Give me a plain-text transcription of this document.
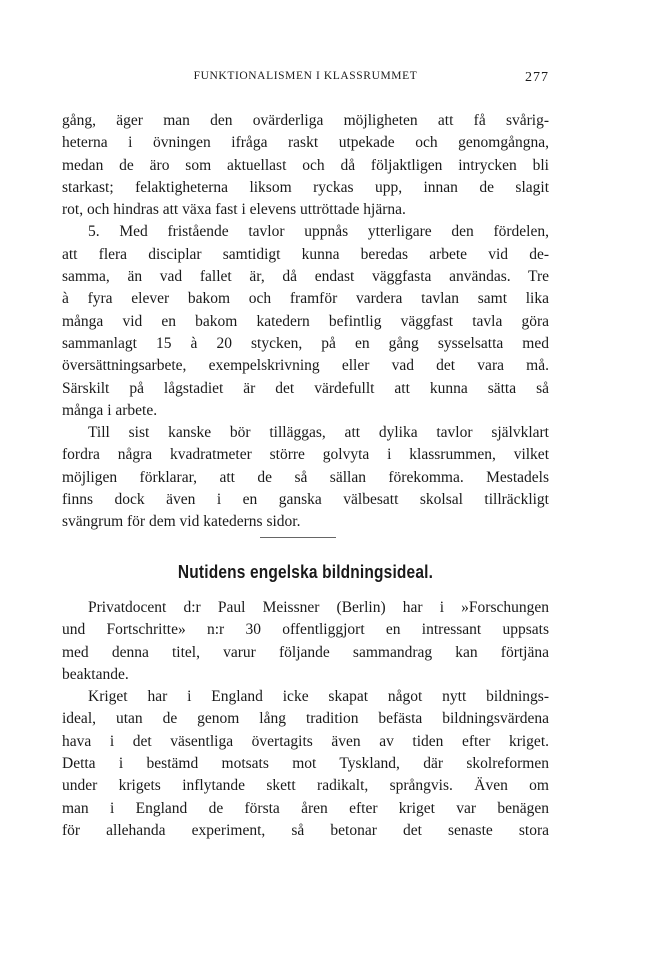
FUNKTIONALISMEN I KLASSRUMMET	277
gång, äger man den ovärderliga möjligheten att få svårig-
heterna i övningen ifråga raskt utpekade och genomgångna,
medan de äro som aktuellast och då följaktligen intrycken bli
starkast; felaktigheterna liksom ryckas upp, innan de slagit
rot, och hindras att växa fast i elevens uttröttade hjärna.
5. Med fristående tavlor uppnås ytterligare den fördelen,
att flera disciplar samtidigt kunna beredas arbete vid de-
samma, än vad fallet är, då endast väggfasta användas. Tre
à fyra elever bakom och framför vardera tavlan samt lika
många vid en bakom katedern befintlig väggfast tavla göra
sammanlagt 15 à 20 stycken, på en gång sysselsatta med
översättningsarbete, exempelskrivning eller vad det vara må.
Särskilt på lågstadiet är det värdefullt att kunna sätta så
många i arbete.
Till sist kanske bör tilläggas, att dylika tavlor självklart
fordra några kvadratmeter större golvyta i klassrummen, vilket
möjligen förklarar, att de så sällan förekomma. Mestadels
finns dock även i en ganska välbesatt skolsal tillräckligt
svängrum för dem vid katederns sidor.
Nutidens engelska bildningsideal.
Privatdocent d:r Paul Meissner (Berlin) har i »Forschungen
und Fortschritte» n:r 30 offentliggjort en intressant uppsats
med denna titel, varur följande sammandrag kan förtjäna
beaktande.
Kriget har i England icke skapat något nytt bildnings-
ideal, utan de genom lång tradition befästa bildningsvärdena
hava i det väsentliga övertagits även av tiden efter kriget.
Detta i bestämd motsats mot Tyskland, där skolreformen
under krigets inflytande skett radikalt, språngvis. Även om
man i England de första åren efter kriget var benägen
för allehanda experiment, så betonar det senaste stora
